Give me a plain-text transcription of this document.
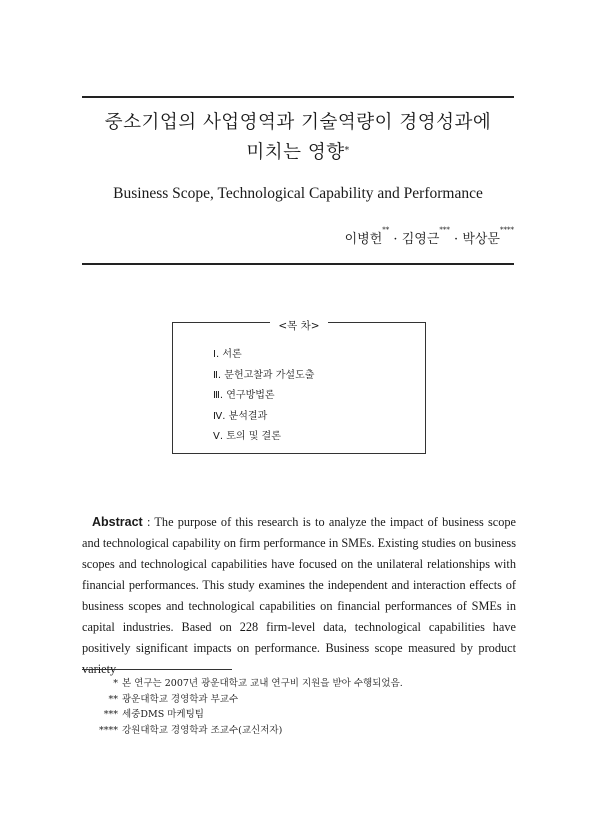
중소기업의 사업영역과 기술역량이 경영성과에
미치는 영향*
Business Scope, Technological Capability and Performance
이병헌** · 김영근*** · 박상문****
<목 차>
Ⅰ. 서론
Ⅱ. 문헌고찰과 가설도출
Ⅲ. 연구방법론
Ⅳ. 분석결과
Ⅴ. 토의 및 결론
Abstract : The purpose of this research is to analyze the impact of business scope and technological capability on firm performance in SMEs. Existing studies on business scopes and technological capabilities have focused on the unilateral relationships with financial performances. This study examines the independent and interaction effects of business scopes and technological capabilities on financial performances of SMEs in capital industries. Based on 228 firm-level data, technological capabilities have positively significant impacts on performance. Business scope measured by product variety
* 본 연구는 2007년 광운대학교 교내 연구비 지원을 받아 수행되었음.
** 광운대학교 경영학과 부교수
*** 세중DMS 마케팅팀
**** 강원대학교 경영학과 조교수(교신저자)
